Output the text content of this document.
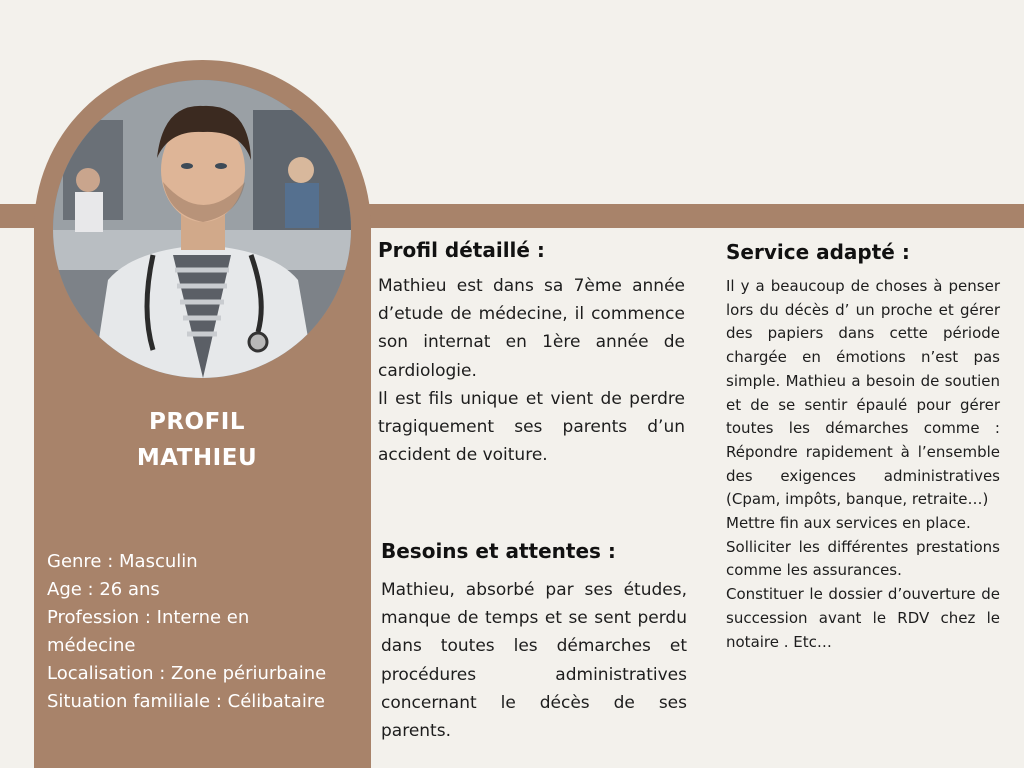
PROFIL
MATHIEU
Genre : Masculin
Age : 26 ans
Profession : Interne en médecine
Localisation : Zone périurbaine
Situation familiale : Célibataire
Profil détaillé :

Mathieu est dans sa 7ème année d’etude de médecine, il commence son internat en 1ère année de cardiologie.

Il est fils unique et vient de perdre tragiquement ses parents d’un accident de voiture.

Besoins et attentes :
Mathieu, absorbé par ses études, manque de temps et se sent perdu dans toutes les démarches et procédures administratives concernant le décès de ses parents.
Service adapté :

Il y a beaucoup de choses à penser lors du décès d’ un proche et gérer des papiers dans cette période chargée en émotions n’est pas simple. Mathieu a besoin de soutien et de se sentir épaulé pour gérer toutes les démarches comme : Répondre rapidement à l’ensemble des exigences administratives (Cpam, impôts, banque, retraite…)

Mettre fin aux services en place.

Solliciter les différentes prestations comme les assurances.

Constituer le dossier d’ouverture de succession avant le RDV chez le notaire . Etc…
